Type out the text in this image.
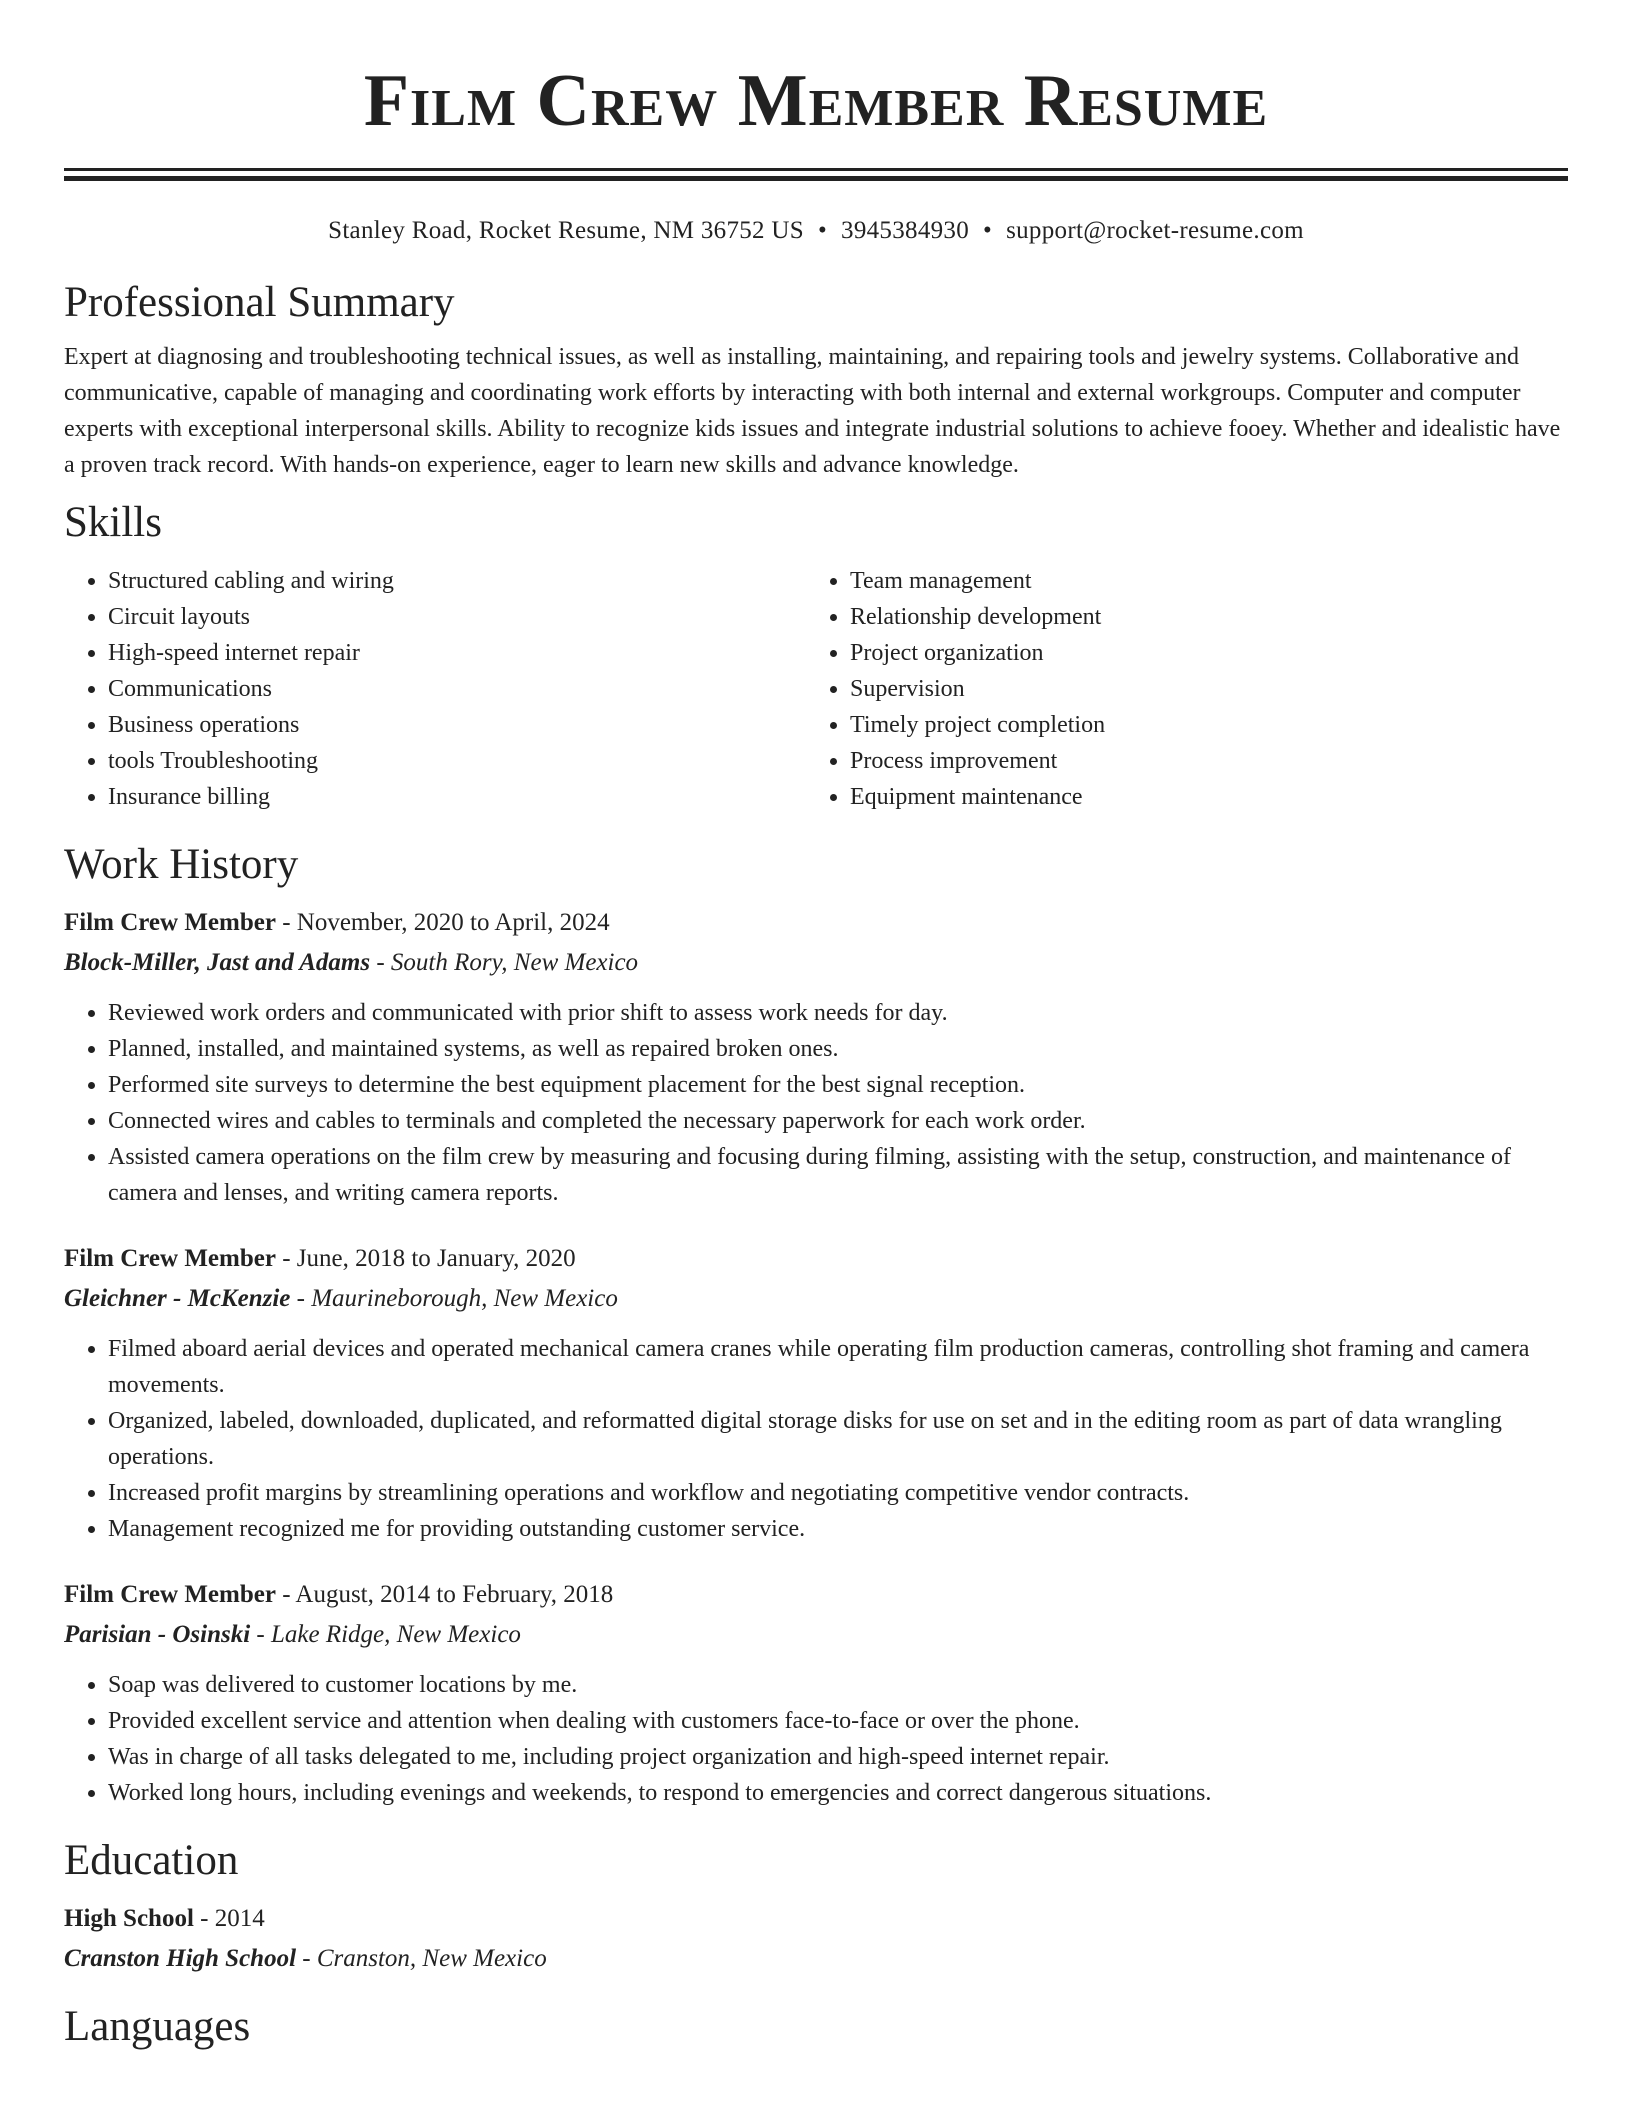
Film Crew Member Resume
Stanley Road, Rocket Resume, NM 36752 US • 3945384930 • support@rocket-resume.com
Professional Summary

Expert at diagnosing and troubleshooting technical issues, as well as installing, maintaining, and repairing tools and jewelry systems. Collaborative and communicative, capable of managing and coordinating work efforts by interacting with both internal and external workgroups. Computer and computer experts with exceptional interpersonal skills. Ability to recognize kids issues and integrate industrial solutions to achieve fooey. Whether and idealistic have a proven track record. With hands-on experience, eager to learn new skills and advance knowledge.

Skills
• Structured cabling and wiring
• Circuit layouts
• High-speed internet repair
• Communications
• Business operations
• tools Troubleshooting
• Insurance billing
• Team management
• Relationship development
• Project organization
• Supervision
• Timely project completion
• Process improvement
• Equipment maintenance
Work History

Film Crew Member - November, 2020 to April, 2024

Block-Miller, Jast and Adams - South Rory, New Mexico

• Reviewed work orders and communicated with prior shift to assess work needs for day.
• Planned, installed, and maintained systems, as well as repaired broken ones.
• Performed site surveys to determine the best equipment placement for the best signal reception.
• Connected wires and cables to terminals and completed the necessary paperwork for each work order.
• Assisted camera operations on the film crew by measuring and focusing during filming, assisting with the setup, construction, and maintenance of camera and lenses, and writing camera reports.

Film Crew Member - June, 2018 to January, 2020

Gleichner - McKenzie - Maurineborough, New Mexico

• Filmed aboard aerial devices and operated mechanical camera cranes while operating film production cameras, controlling shot framing and camera movements.
• Organized, labeled, downloaded, duplicated, and reformatted digital storage disks for use on set and in the editing room as part of data wrangling operations.
• Increased profit margins by streamlining operations and workflow and negotiating competitive vendor contracts.
• Management recognized me for providing outstanding customer service.

Film Crew Member - August, 2014 to February, 2018

Parisian - Osinski - Lake Ridge, New Mexico

• Soap was delivered to customer locations by me.
• Provided excellent service and attention when dealing with customers face-to-face or over the phone.
• Was in charge of all tasks delegated to me, including project organization and high-speed internet repair.
• Worked long hours, including evenings and weekends, to respond to emergencies and correct dangerous situations.
Education

High School - 2014

Cranston High School - Cranston, New Mexico

Languages
